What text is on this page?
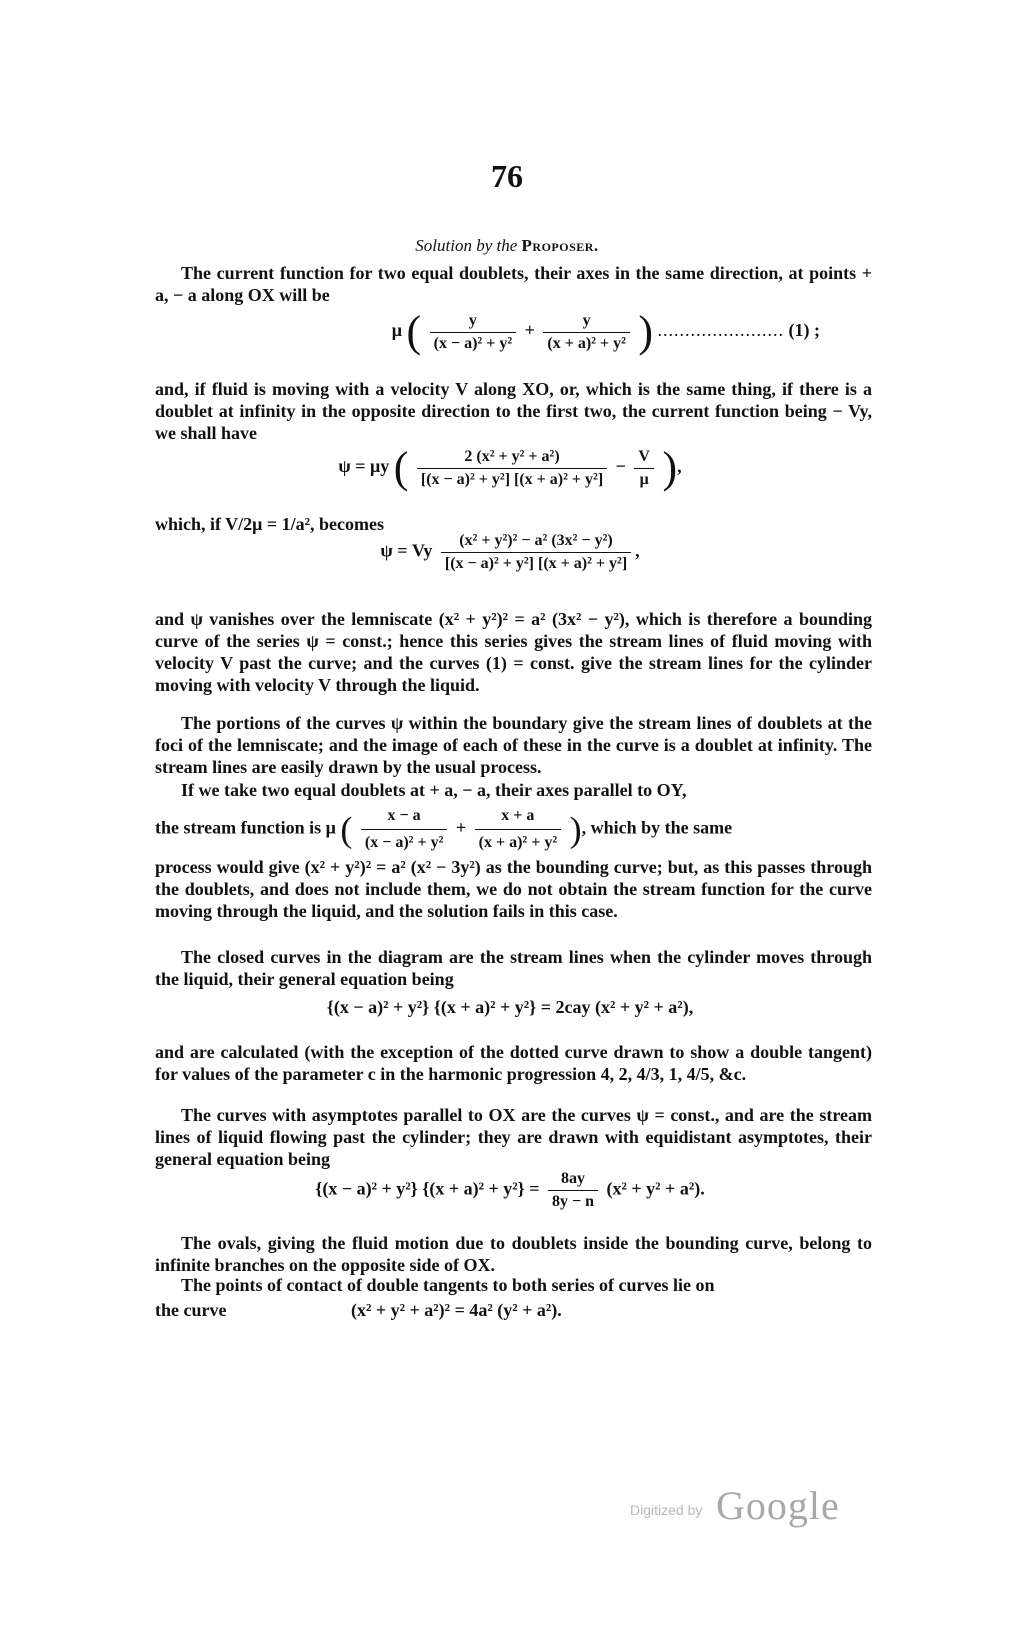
76
Solution by the Proposer.

The current function for two equal doublets, their axes in the same direction, at points + a, − a along OX will be

μ ( $\frac{y}{\text{(x − a)² + y²}} + \frac{y}{\text{(x + a)² + y²}}$ ) ....................... (1) ;

and, if fluid is moving with a velocity V along XO, or, which is the same thing, if there is a doublet at infinity in the opposite direction to the first two, the current function being − Vy, we shall have

ψ = μy ( $\frac{\text{2 (x² + y² + a²)}}{\text{[(x − a)² + y²] [(x + a)² + y²]}} - \frac{V}{\mu}$ ),

which, if V/2μ = 1/a², becomes

ψ = Vy $\frac{\text{(x² + y²)² − a² (3x² − y²)}}{\text{[(x − a)² + y²] [(x + a)² + y²]}}$ ,

and ψ vanishes over the lemniscate (x² + y²)² = a² (3x² − y²), which is therefore a bounding curve of the series ψ = const.; hence this series gives the stream lines of fluid moving with velocity V past the curve; and the curves (1) = const. give the stream lines for the cylinder moving with velocity V through the liquid.

The portions of the curves ψ within the boundary give the stream lines of doublets at the foci of the lemniscate; and the image of each of these in the curve is a doublet at infinity. The stream lines are easily drawn by the usual process.

If we take two equal doublets at + a, − a, their axes parallel to OY,
the stream function is μ ( $\frac{x - a}{\text{(x − a)² + y²}} + \frac{x + a}{\text{(x + a)² + y²}}$ ), which by the same
process would give (x² + y²)² = a² (x² − 3y²) as the bounding curve; but, as this passes through the doublets, and does not include them, we do not obtain the stream function for the curve moving through the liquid, and the solution fails in this case.

The closed curves in the diagram are the stream lines when the cylinder moves through the liquid, their general equation being

{(x − a)² + y²} {(x + a)² + y²} = 2cay (x² + y² + a²),

and are calculated (with the exception of the dotted curve drawn to show a double tangent) for values of the parameter c in the harmonic progression 4, 2, 4/3, 1, 4/5, &c.

The curves with asymptotes parallel to OX are the curves ψ = const., and are the stream lines of liquid flowing past the cylinder; they are drawn with equidistant asymptotes, their general equation being

{(x − a)² + y²} $\{(x + a)^2 + y^2\} = \frac{8ay}{8y - n} (x^2 + y^2 + a^2)$.

The ovals, giving the fluid motion due to doublets inside the bounding curve, belong to infinite branches on the opposite side of OX.

The points of contact of double tangents to both series of curves lie on

the curve	(x² + y² + a²)² = 4a² (y² + a²).
Digitized by Google
